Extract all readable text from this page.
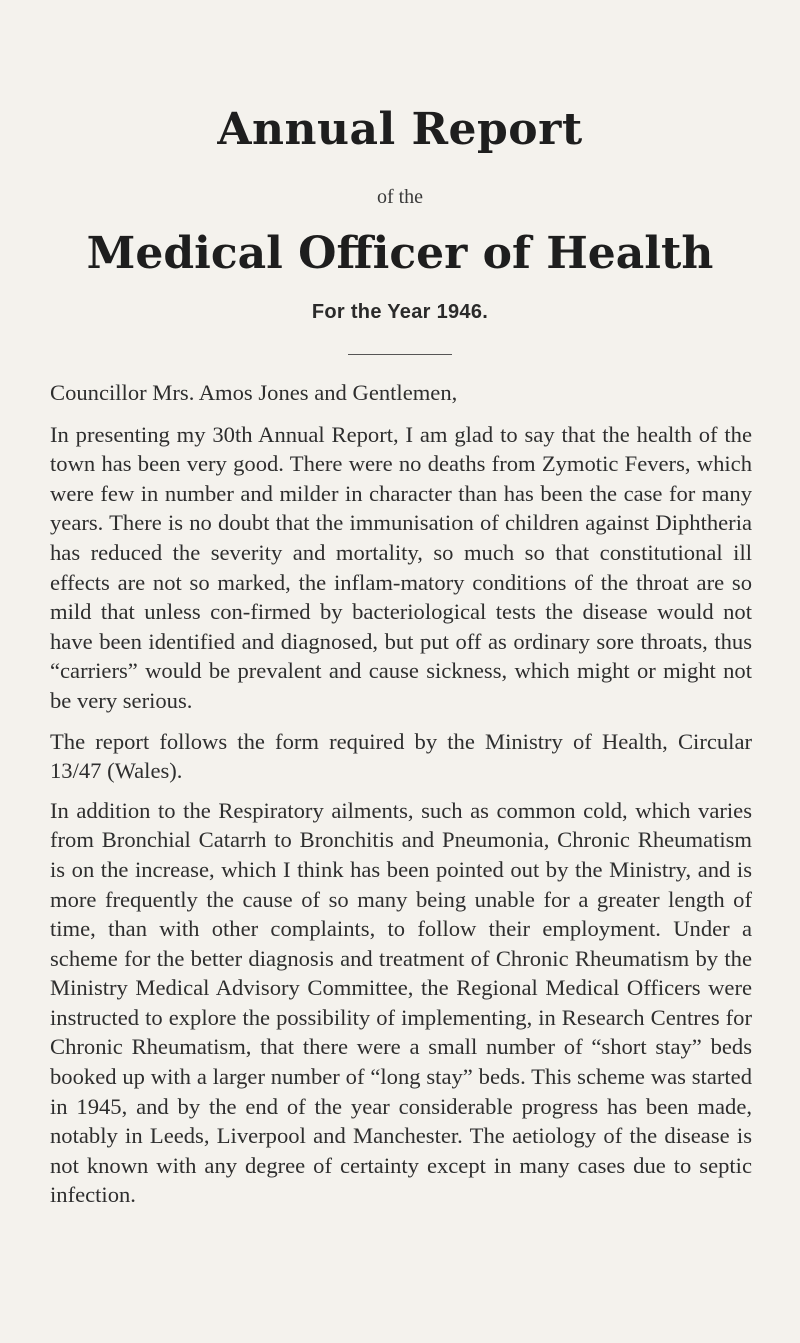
Annual Report
of the
Medical Officer of Health
For the Year 1946.

Councillor Mrs. Amos Jones and Gentlemen,

In presenting my 30th Annual Report, I am glad to say that the health of the town has been very good. There were no deaths from Zymotic Fevers, which were few in number and milder in character than has been the case for many years. There is no doubt that the immunisation of children against Diphtheria has reduced the severity and mortality, so much so that constitutional ill effects are not so marked, the inflam-matory conditions of the throat are so mild that unless con-firmed by bacteriological tests the disease would not have been identified and diagnosed, but put off as ordinary sore throats, thus “carriers” would be prevalent and cause sickness, which might or might not be very serious.

The report follows the form required by the Ministry of Health, Circular 13/47 (Wales).

In addition to the Respiratory ailments, such as common cold, which varies from Bronchial Catarrh to Bronchitis and Pneumonia, Chronic Rheumatism is on the increase, which I think has been pointed out by the Ministry, and is more frequently the cause of so many being unable for a greater length of time, than with other complaints, to follow their employment. Under a scheme for the better diagnosis and treatment of Chronic Rheumatism by the Ministry Medical Advisory Committee, the Regional Medical Officers were instructed to explore the possibility of implementing, in Research Centres for Chronic Rheumatism, that there were a small number of “short stay” beds booked up with a larger number of “long stay” beds. This scheme was started in 1945, and by the end of the year considerable progress has been made, notably in Leeds, Liverpool and Manchester. The aetiology of the disease is not known with any degree of certainty except in many cases due to septic infection.
